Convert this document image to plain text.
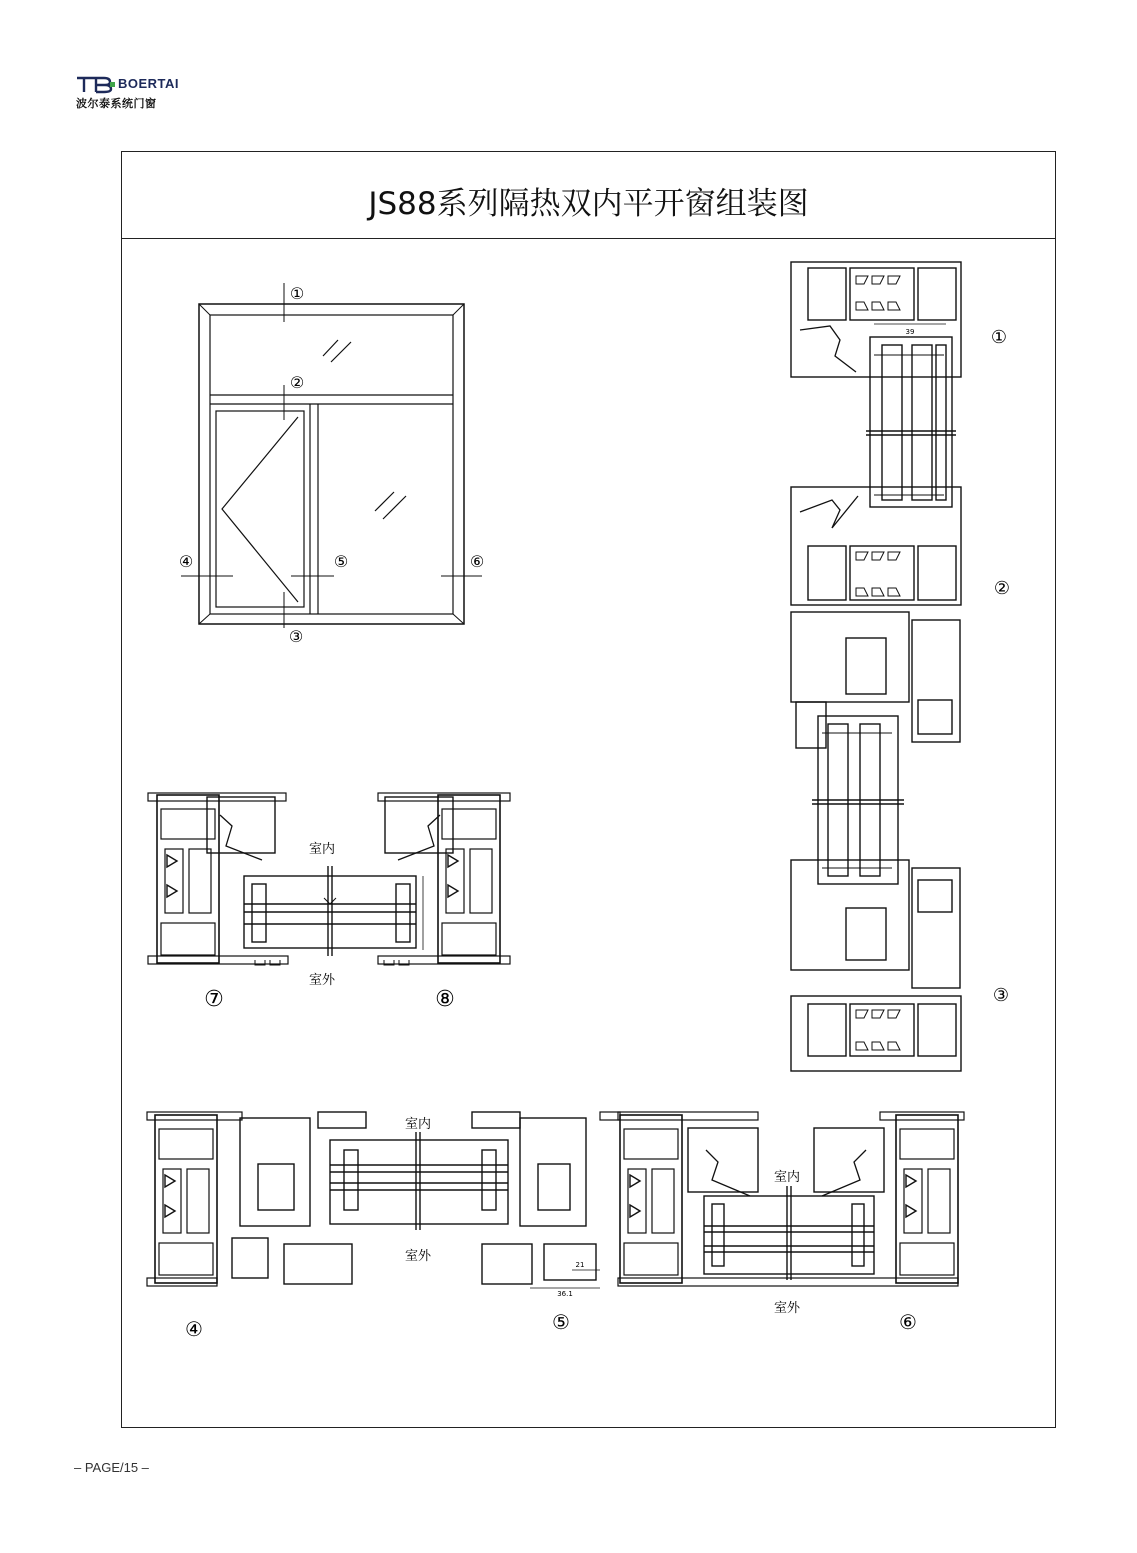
BOERTAI
波尔泰系统门窗
JS88系列隔热双内平开窗组装图
①
②
③
④	⑤	⑥
39	①
②
③
室内
室外
⑦	⑧
21
36.1
室内
室外
室内
室外
④	⑤	⑥
– PAGE/15 –
